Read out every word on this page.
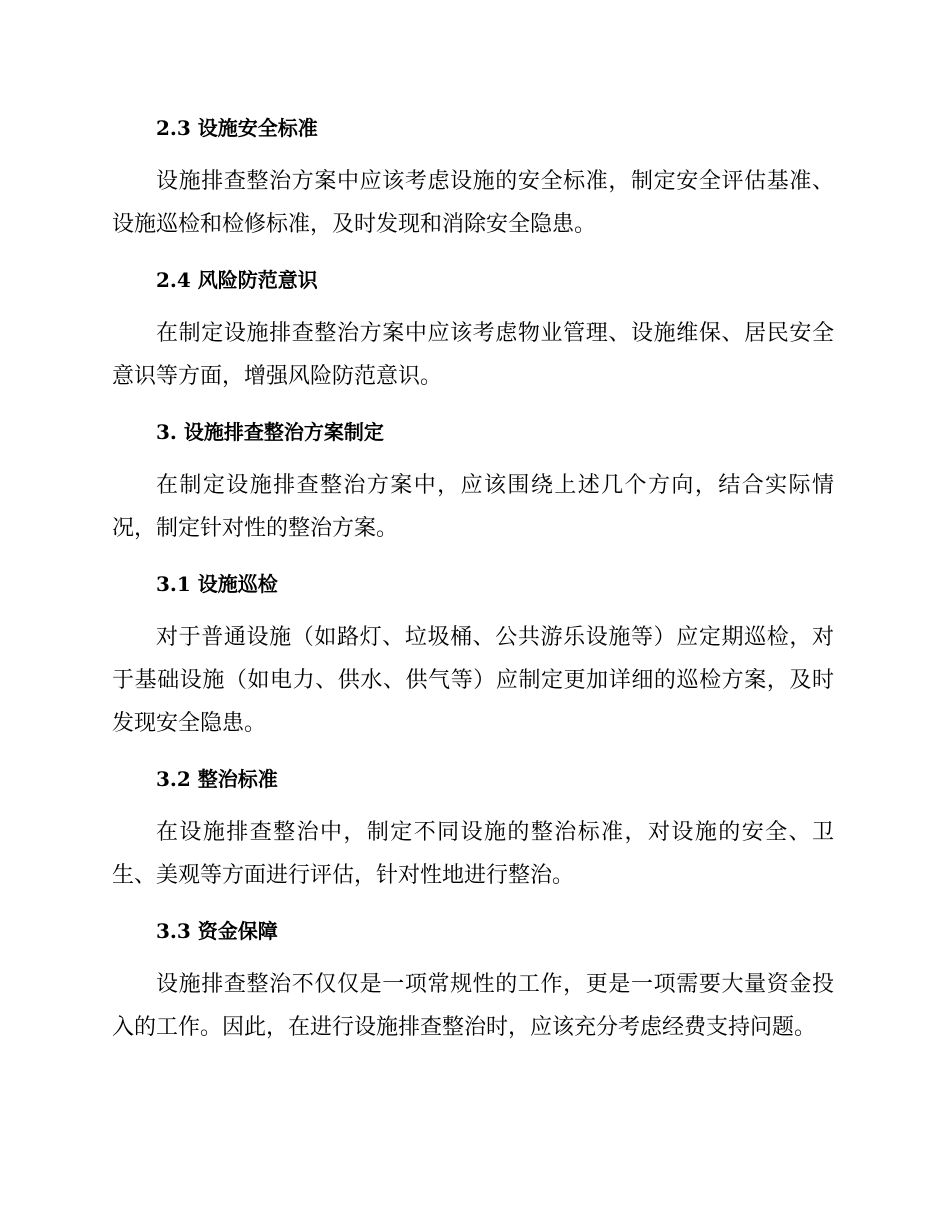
2.3 设施安全标准

设施排查整治方案中应该考虑设施的安全标准，制定安全评估基准、设施巡检和检修标准，及时发现和消除安全隐患。

2.4 风险防范意识

在制定设施排查整治方案中应该考虑物业管理、设施维保、居民安全意识等方面，增强风险防范意识。

3. 设施排查整治方案制定

在制定设施排查整治方案中，应该围绕上述几个方向，结合实际情况，制定针对性的整治方案。

3.1 设施巡检

对于普通设施（如路灯、垃圾桶、公共游乐设施等）应定期巡检，对于基础设施（如电力、供水、供气等）应制定更加详细的巡检方案，及时发现安全隐患。

3.2 整治标准

在设施排查整治中，制定不同设施的整治标准，对设施的安全、卫生、美观等方面进行评估，针对性地进行整治。

3.3 资金保障

设施排查整治不仅仅是一项常规性的工作，更是一项需要大量资金投入的工作。因此，在进行设施排查整治时，应该充分考虑经费支持问题。
